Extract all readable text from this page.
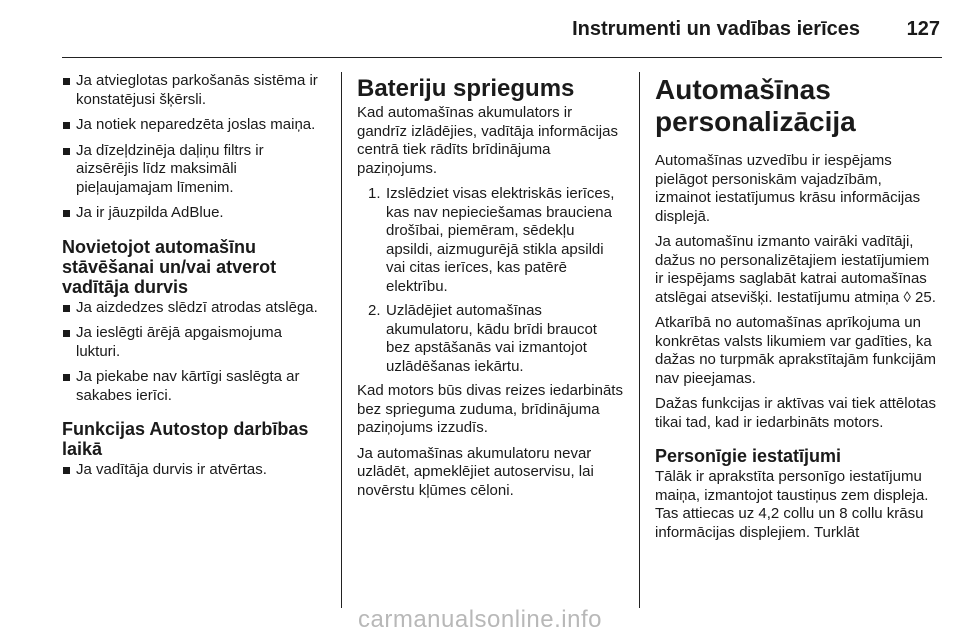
Instrumenti un vadības ierīces	127
Ja atvieglotas parkošanās sistēma ir konstatējusi šķērsli.
Ja notiek neparedzēta joslas maiņa.
Ja dīzeļdzinēja daļiņu filtrs ir aizsērējis līdz maksimāli pieļaujamajam līmenim.
Ja ir jāuzpilda AdBlue.
Novietojot automašīnu stāvēšanai un/vai atverot vadītāja durvis
Ja aizdedzes slēdzī atrodas atslēga.
Ja ieslēgti ārējā apgaismojuma lukturi.
Ja piekabe nav kārtīgi saslēgta ar sakabes ierīci.
Funkcijas Autostop darbības laikā
Ja vadītāja durvis ir atvērtas.
Bateriju spriegums
Kad automašīnas akumulators ir gandrīz izlādējies, vadītāja informācijas centrā tiek rādīts brīdinājuma paziņojums.
1. Izslēdziet visas elektriskās ierīces, kas nav nepieciešamas brauciena drošībai, piemēram, sēdekļu apsildi, aizmugurējā stikla apsildi vai citas ierīces, kas patērē elektrību.
2. Uzlādējiet automašīnas akumulatoru, kādu brīdi braucot bez apstāšanās vai izmantojot uzlādēšanas iekārtu.
Kad motors būs divas reizes iedarbināts bez sprieguma zuduma, brīdinājuma paziņojums izzudīs.
Ja automašīnas akumulatoru nevar uzlādēt, apmeklējiet autoservisu, lai novērstu kļūmes cēloni.
Automašīnas personalizācija
Automašīnas uzvedību ir iespējams pielāgot personiskām vajadzībām, izmainot iestatījumus krāsu informācijas displejā.
Ja automašīnu izmanto vairāki vadītāji, dažus no personalizētajiem iestatījumiem ir iespējams saglabāt katrai automašīnas atslēgai atsevišķi. Iestatījumu atmiņa ◊ 25.
Atkarībā no automašīnas aprīkojuma un konkrētas valsts likumiem var gadīties, ka dažas no turpmāk aprakstītajām funkcijām nav pieejamas.
Dažas funkcijas ir aktīvas vai tiek attēlotas tikai tad, kad ir iedarbināts motors.
Personīgie iestatījumi
Tālāk ir aprakstīta personīgo iestatījumu maiņa, izmantojot taustiņus zem displeja. Tas attiecas uz 4,2 collu un 8 collu krāsu informācijas displejiem. Turklāt
carmanualsonline.info
